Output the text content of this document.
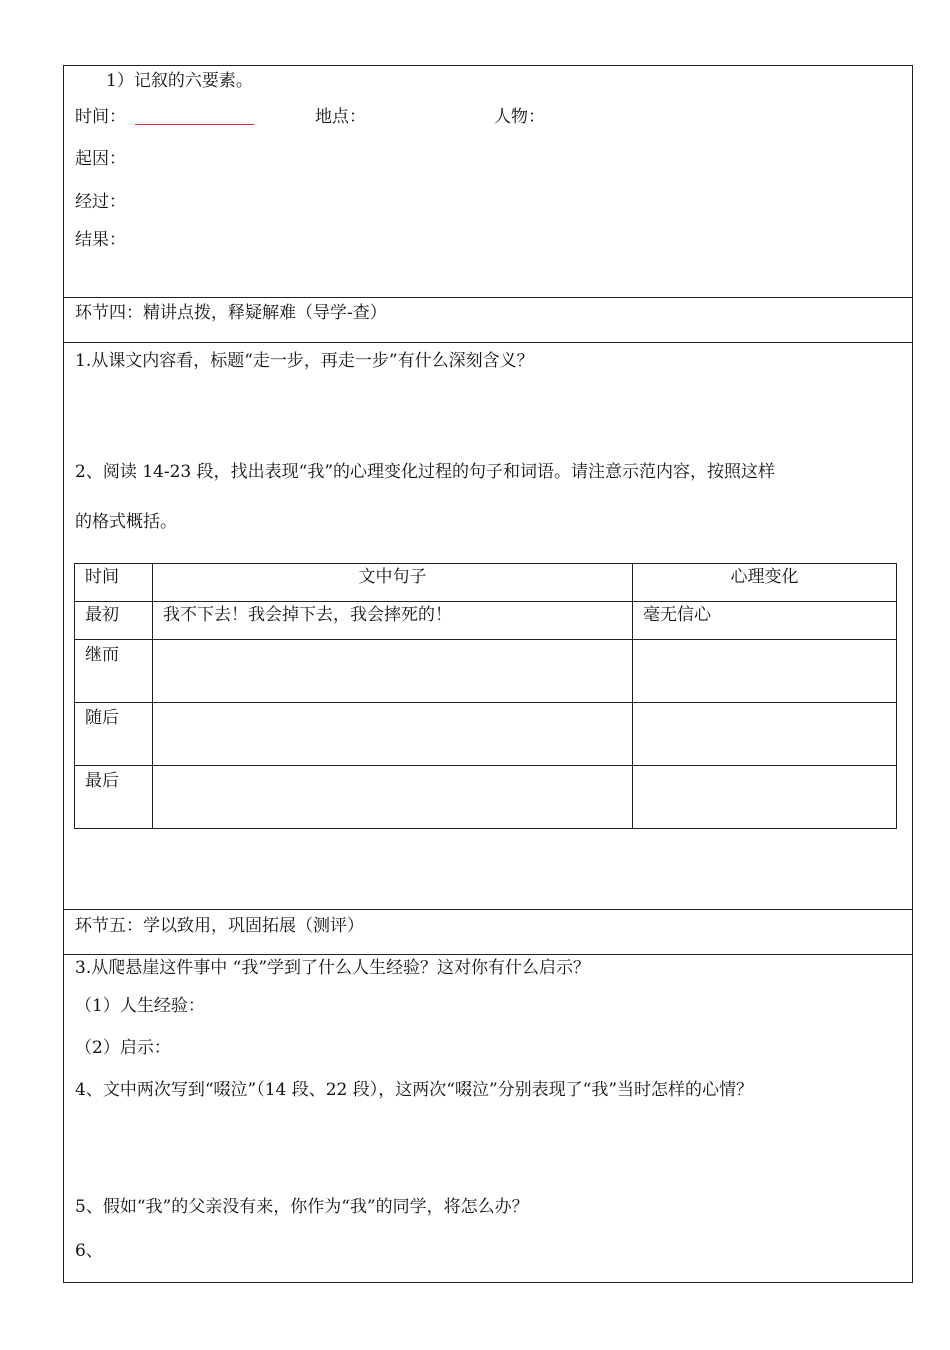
1）记叙的六要素。
时间：	地点：	人物：
起因：
经过：
结果：
环节四：精讲点拨，释疑解难（导学-查）
1.从课文内容看，标题“走一步，再走一步”有什么深刻含义？
2、阅读 14-23 段，找出表现“我”的心理变化过程的句子和词语。请注意示范内容，按照这样
的格式概括。
时间	文中句子	心理变化
最初	我不下去！我会掉下去，我会摔死的！	毫无信心
继而		
随后		
最后		
环节五：学以致用，巩固拓展（测评）
3.从爬悬崖这件事中 “我”学到了什么人生经验？这对你有什么启示？
（1）人生经验：
（2）启示：
4、文中两次写到“啜泣”（14 段、22 段），这两次“啜泣”分别表现了“我”当时怎样的心情？
5、假如“我”的父亲没有来，你作为“我”的同学，将怎么办？
6、
